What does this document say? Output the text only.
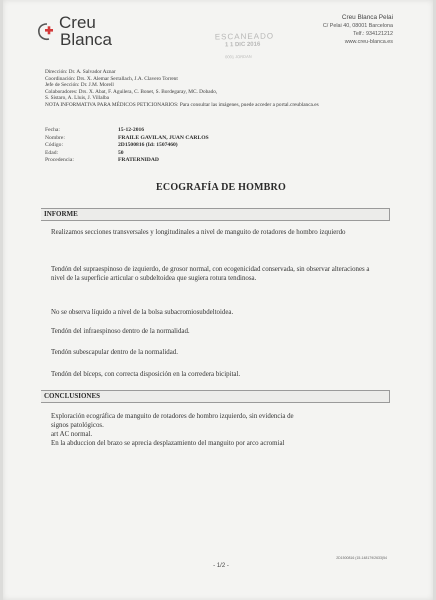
Creu
Blanca	ESCANEADO
1 1 DIC 2016
0001 JORDAN
Creu Blanca Pelai
C/ Pelai 40, 08001 Barcelona
Telf.: 934121212
www.creu-blanca.es
Dirección: Dr. A. Salvador Aznar
Coordinación: Drs. X. Alemar Serrallach, J.A. Clavero Torrent
Jefe de Sección: Dr. J.M. Morell
Colaboradores: Drs. X. Abat, F. Aguilera, C. Bonet, S. Bordegaray, MC. Dobado,
S. Sistaro, A. Lluis, J. Villalba
NOTA INFORMATIVA PARA MÉDICOS PETICIONARIOS: Para consultar las imágenes, puede acceder a portal.creublanca.es
Fecha:	15-12-2016
Nombre:	FRAILE GAVILAN, JUAN CARLOS
Código:	2D1500816 (Id: 1507460)
Edad:	50
Procedencia:	FRATERNIDAD
ECOGRAFÍA DE HOMBRO
INFORME

Realizamos secciones transversales y longitudinales a nivel de manguito de rotadores de hombro izquierdo

Tendón del supraespinoso de izquierdo, de grosor normal, con ecogenicidad conservada, sin observar alteraciones a nivel de la superficie articular o subdeltoidea que sugiera rotura tendinosa.

No se observa líquido a nivel de la bolsa subacromiosubdeltoidea.

Tendón del infraespinoso dentro de la normalidad.

Tendón subescapular dentro de la normalidad.

Tendón del bíceps, con correcta disposición en la corredera bicipital.

CONCLUSIONES

Exploración ecográfica de manguito de rotadores de hombro izquierdo, sin evidencia de

signos patológicos.

art AC normal.

En la abduccion del brazo se aprecia desplazamiento del manguito por arco acromial

2D1500816 (15-148179/2633)54
- 1/2 -
